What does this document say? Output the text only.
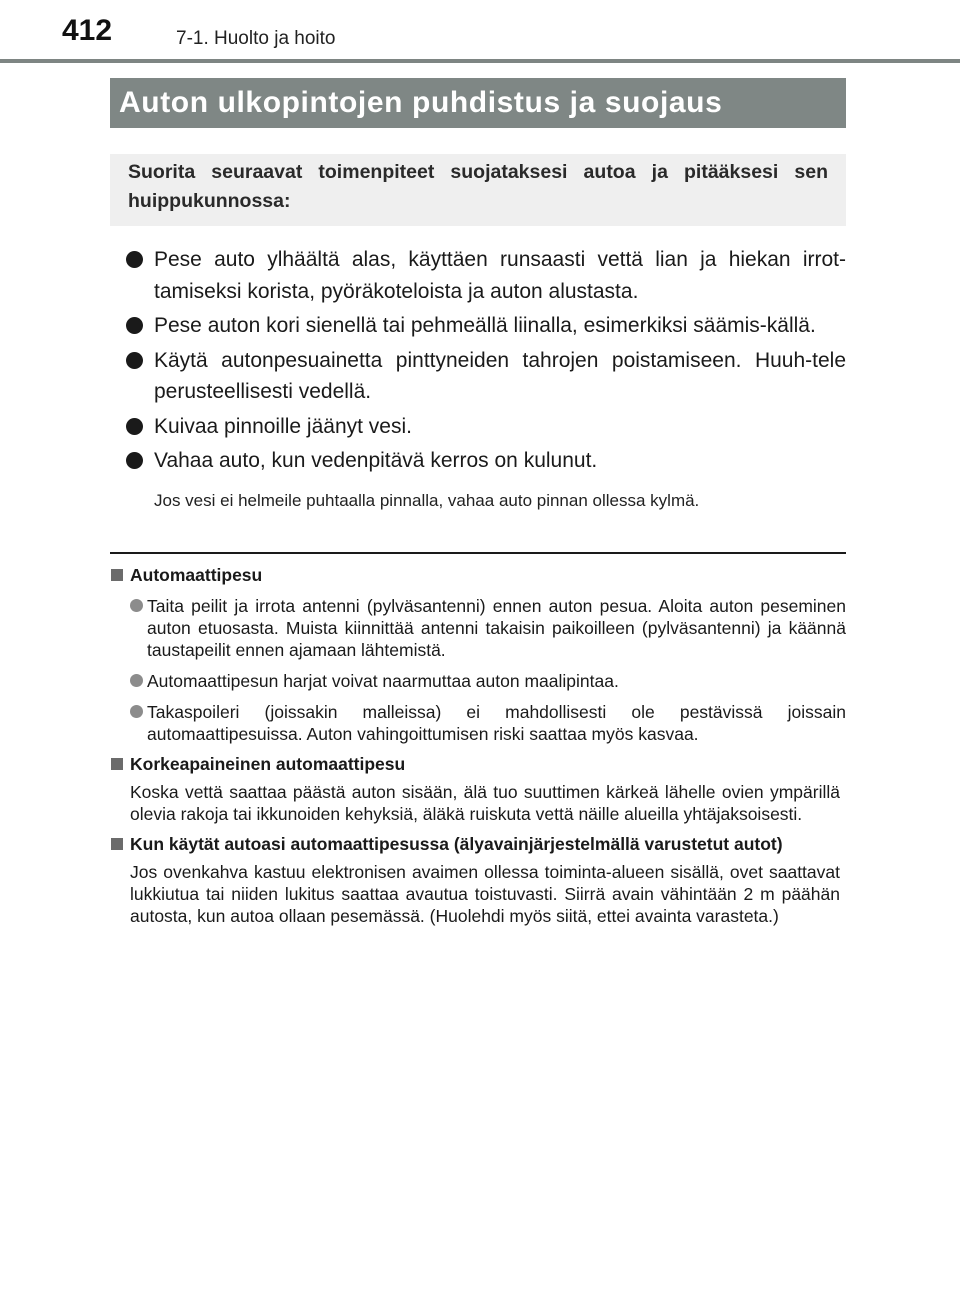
412	7-1. Huolto ja hoito
Auton ulkopintojen puhdistus ja suojaus
Suorita seuraavat toimenpiteet suojataksesi autoa ja pitääksesi sen huippukunnossa:
Pese auto ylhäältä alas, käyttäen runsaasti vettä lian ja hiekan irrot-tamiseksi korista, pyöräkoteloista ja auton alustasta.
Pese auton kori sienellä tai pehmeällä liinalla, esimerkiksi säämis-källä.
Käytä autonpesuainetta pinttyneiden tahrojen poistamiseen. Huuh-tele perusteellisesti vedellä.
Kuivaa pinnoille jäänyt vesi.
Vahaa auto, kun vedenpitävä kerros on kulunut.
Jos vesi ei helmeile puhtaalla pinnalla, vahaa auto pinnan ollessa kylmä.
Automaattipesu
Taita peilit ja irrota antenni (pylväsantenni) ennen auton pesua. Aloita auton peseminen auton etuosasta. Muista kiinnittää antenni takaisin paikoilleen (pylväsantenni) ja käännä taustapeilit ennen ajamaan lähtemistä.
Automaattipesun harjat voivat naarmuttaa auton maalipintaa.
Takaspoileri (joissakin malleissa) ei mahdollisesti ole pestävissä joissain automaattipesuissa. Auton vahingoittumisen riski saattaa myös kasvaa.
Korkeapaineinen automaattipesu
Koska vettä saattaa päästä auton sisään, älä tuo suuttimen kärkeä lähelle ovien ympärillä olevia rakoja tai ikkunoiden kehyksiä, äläkä ruiskuta vettä näille alueilla yhtäjaksoisesti.
Kun käytät autoasi automaattipesussa (älyavainjärjestelmällä varustetut autot)
Jos ovenkahva kastuu elektronisen avaimen ollessa toiminta-alueen sisällä, ovet saattavat lukkiutua tai niiden lukitus saattaa avautua toistuvasti. Siirrä avain vähintään 2 m päähän autosta, kun autoa ollaan pesemässä. (Huolehdi myös siitä, ettei avainta varasteta.)
